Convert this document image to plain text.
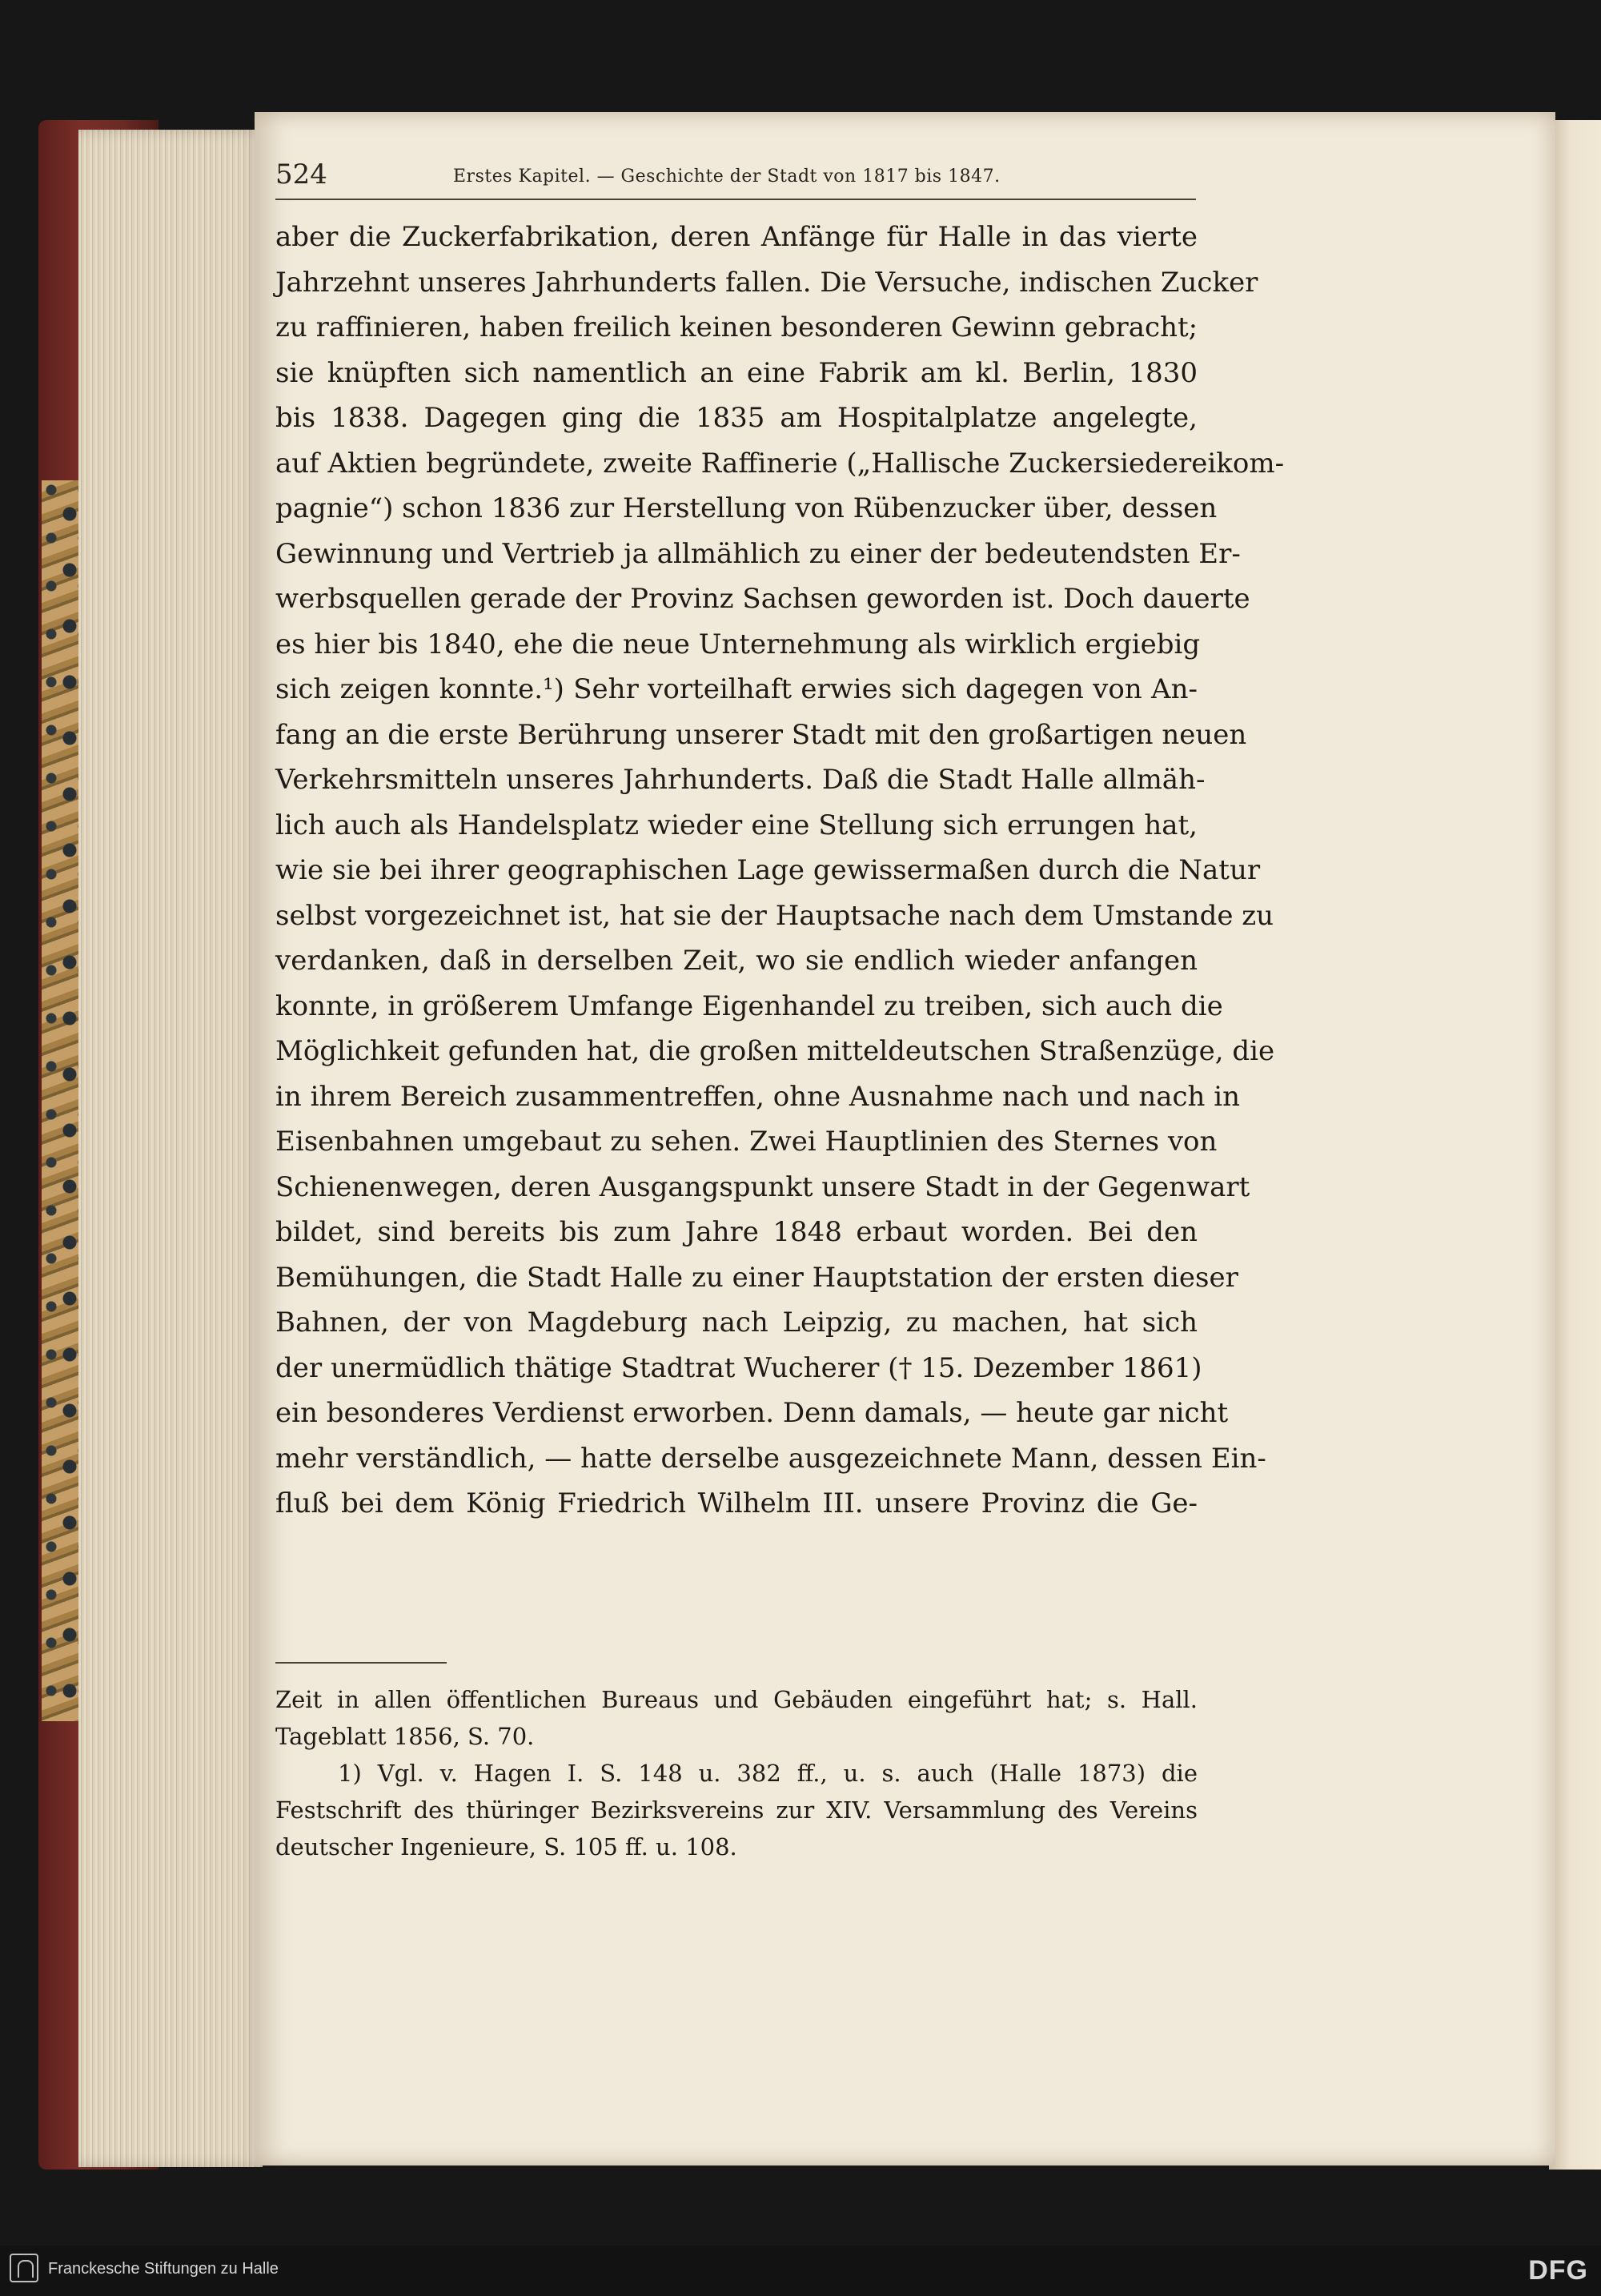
524	Erstes Kapitel. — Geschichte der Stadt von 1817 bis 1847.
aber die Zuckerfabrikation, deren Anfänge für Halle in das vierte
Jahrzehnt unseres Jahrhunderts fallen. Die Versuche, indischen Zucker
zu raffinieren, haben freilich keinen besonderen Gewinn gebracht;
sie knüpften sich namentlich an eine Fabrik am kl. Berlin, 1830
bis 1838. Dagegen ging die 1835 am Hospitalplatze angelegte,
auf Aktien begründete, zweite Raffinerie („Hallische Zuckersiedereikom-
pagnie“) schon 1836 zur Herstellung von Rübenzucker über, dessen
Gewinnung und Vertrieb ja allmählich zu einer der bedeutendsten Er-
werbsquellen gerade der Provinz Sachsen geworden ist. Doch dauerte
es hier bis 1840, ehe die neue Unternehmung als wirklich ergiebig
sich zeigen konnte.¹) Sehr vorteilhaft erwies sich dagegen von An-
fang an die erste Berührung unserer Stadt mit den großartigen neuen
Verkehrsmitteln unseres Jahrhunderts. Daß die Stadt Halle allmäh-
lich auch als Handelsplatz wieder eine Stellung sich errungen hat,
wie sie bei ihrer geographischen Lage gewissermaßen durch die Natur
selbst vorgezeichnet ist, hat sie der Hauptsache nach dem Umstande zu
verdanken, daß in derselben Zeit, wo sie endlich wieder anfangen
konnte, in größerem Umfange Eigenhandel zu treiben, sich auch die
Möglichkeit gefunden hat, die großen mitteldeutschen Straßenzüge, die
in ihrem Bereich zusammentreffen, ohne Ausnahme nach und nach in
Eisenbahnen umgebaut zu sehen. Zwei Hauptlinien des Sternes von
Schienenwegen, deren Ausgangspunkt unsere Stadt in der Gegenwart
bildet, sind bereits bis zum Jahre 1848 erbaut worden. Bei den
Bemühungen, die Stadt Halle zu einer Hauptstation der ersten dieser
Bahnen, der von Magdeburg nach Leipzig, zu machen, hat sich
der unermüdlich thätige Stadtrat Wucherer († 15. Dezember 1861)
ein besonderes Verdienst erworben. Denn damals, — heute gar nicht
mehr verständlich, — hatte derselbe ausgezeichnete Mann, dessen Ein-
fluß bei dem König Friedrich Wilhelm III. unsere Provinz die Ge-
Zeit in allen öffentlichen Bureaus und Gebäuden eingeführt hat; s. Hall.
Tageblatt 1856, S. 70.
1) Vgl. v. Hagen I. S. 148 u. 382 ff., u. s. auch (Halle 1873) die
Festschrift des thüringer Bezirksvereins zur XIV. Versammlung des Vereins
deutscher Ingenieure, S. 105 ff. u. 108.
Franckesche Stiftungen zu Halle	DFG
